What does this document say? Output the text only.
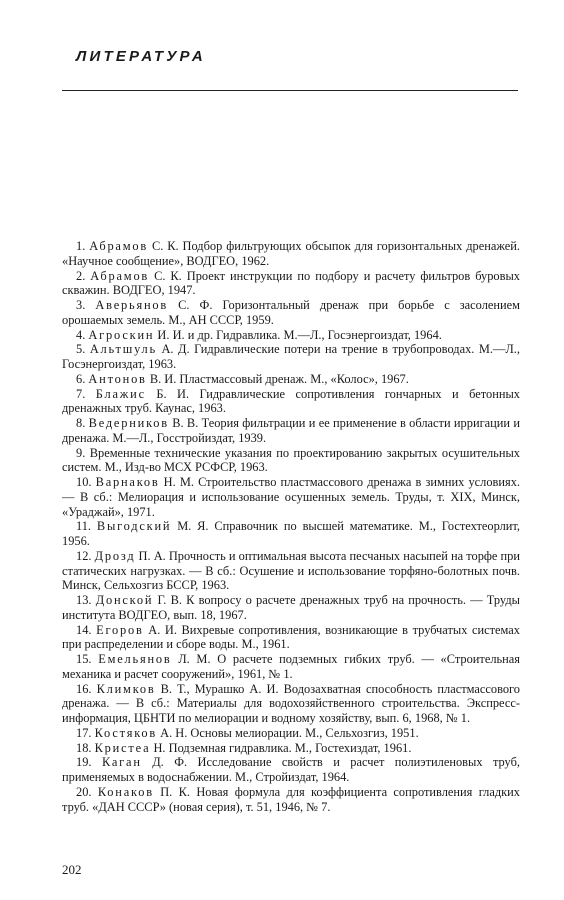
ЛИТЕРАТУРА

1. Абрамов С. К. Подбор фильтрующих обсыпок для горизонтальных дренажей. «Научное сообщение», ВОДГЕО, 1962.

2. Абрамов С. К. Проект инструкции по подбору и расчету фильтров буровых скважин. ВОДГЕО, 1947.

3. Аверьянов С. Ф. Горизонтальный дренаж при борьбе с засолением орошаемых земель. М., АН СССР, 1959.

4. Агроскин И. И. и др. Гидравлика. М.—Л., Госэнергоиздат, 1964.

5. Альтшуль А. Д. Гидравлические потери на трение в трубопроводах. М.—Л., Госэнергоиздат, 1963.

6. Антонов В. И. Пластмассовый дренаж. М., «Колос», 1967.

7. Блажис Б. И. Гидравлические сопротивления гончарных и бетонных дренажных труб. Каунас, 1963.

8. Ведерников В. В. Теория фильтрации и ее применение в области ирригации и дренажа. М.—Л., Госстройиздат, 1939.

9. Временные технические указания по проектированию закрытых осушительных систем. М., Изд-во МСХ РСФСР, 1963.

10. Варнаков Н. М. Строительство пластмассового дренажа в зимних условиях. — В сб.: Мелиорация и использование осушенных земель. Труды, т. XIX, Минск, «Ураджай», 1971.

11. Выгодский М. Я. Справочник по высшей математике. М., Гостехтеорлит, 1956.

12. Дрозд П. А. Прочность и оптимальная высота песчаных насыпей на торфе при статических нагрузках. — В сб.: Осушение и использование торфяно-болотных почв. Минск, Сельхозгиз БССР, 1963.

13. Донской Г. В. К вопросу о расчете дренажных труб на прочность. — Труды института ВОДГЕО, вып. 18, 1967.

14. Егоров А. И. Вихревые сопротивления, возникающие в трубчатых системах при распределении и сборе воды. М., 1961.

15. Емельянов Л. М. О расчете подземных гибких труб. — «Строительная механика и расчет сооружений», 1961, № 1.

16. Климков В. Т., Мурашко А. И. Водозахватная способность пластмассового дренажа. — В сб.: Материалы для водохозяйственного строительства. Экспресс-информация, ЦБНТИ по мелиорации и водному хозяйству, вып. 6, 1968, № 1.

17. Костяков А. Н. Основы мелиорации. М., Сельхозгиз, 1951.

18. Кристеа Н. Подземная гидравлика. М., Гостехиздат, 1961.

19. Каган Д. Ф. Исследование свойств и расчет полиэтиленовых труб, применяемых в водоснабжении. М., Стройиздат, 1964.

20. Конаков П. К. Новая формула для коэффициента сопротивления гладких труб. «ДАН СССР» (новая серия), т. 51, 1946, № 7.

202
